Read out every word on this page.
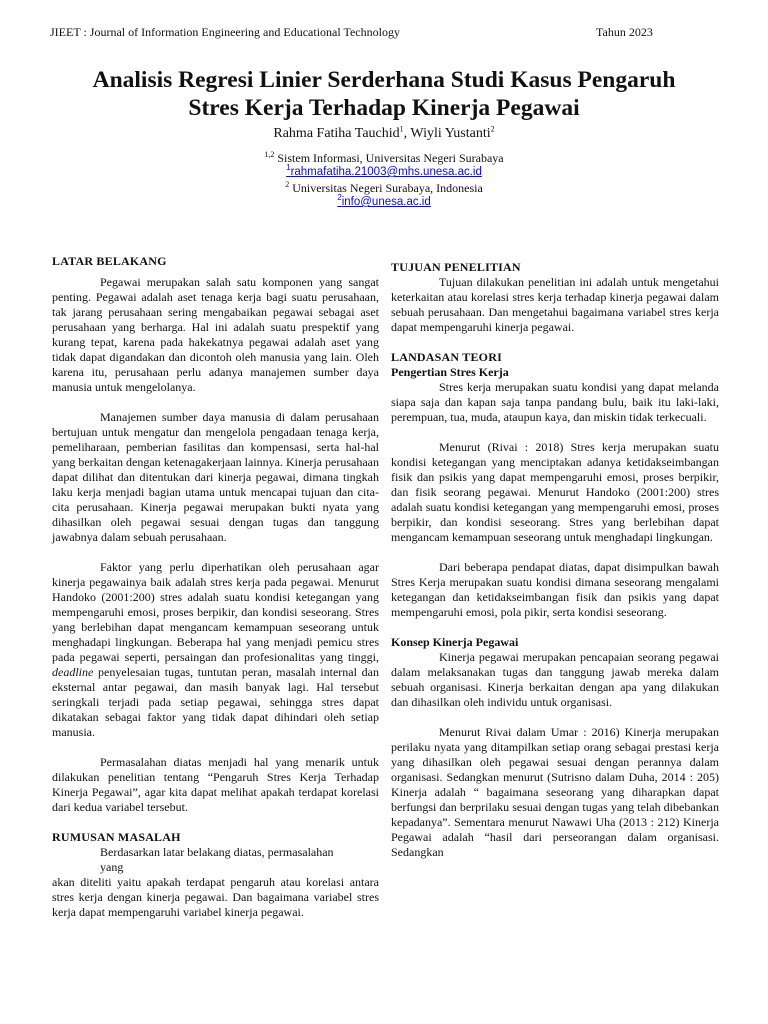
JIEET : Journal of Information Engineering and Educational Technology	Tahun 2023
Analisis Regresi Linier Serderhana Studi Kasus Pengaruh
Stres Kerja Terhadap Kinerja Pegawai
Rahma Fatiha Tauchid$^1$, Wiyli Yustanti$^2$
$^{1,2}$ Sistem Informasi, Universitas Negeri Surabaya
$^1$rahmafatiha.21003@mhs.unesa.ac.id
$^2$ Universitas Negeri Surabaya, Indonesia
$^2$info@unesa.ac.id
LATAR BELAKANG

Pegawai merupakan salah satu komponen yang sangat penting. Pegawai adalah aset tenaga kerja bagi suatu perusahaan, tak jarang perusahaan sering mengabaikan pegawai sebagai aset perusahaan yang berharga. Hal ini adalah suatu prespektif yang kurang tepat, karena pada hakekatnya pegawai adalah aset yang tidak dapat digandakan dan dicontoh oleh manusia yang lain. Oleh karena itu, perusahaan perlu adanya manajemen sumber daya manusia untuk mengelolanya.

Manajemen sumber daya manusia di dalam perusahaan bertujuan untuk mengatur dan mengelola pengadaan tenaga kerja, pemeliharaan, pemberian fasilitas dan kompensasi, serta hal-hal yang berkaitan dengan ketenagakerjaan lainnya. Kinerja perusahaan dapat dilihat dan ditentukan dari kinerja pegawai, dimana tingkah laku kerja menjadi bagian utama untuk mencapai tujuan dan cita-cita perusahaan. Kinerja pegawai merupakan bukti nyata yang dihasilkan oleh pegawai sesuai dengan tugas dan tanggung jawabnya dalam sebuah perusahaan.

Faktor yang perlu diperhatikan oleh perusahaan agar kinerja pegawainya baik adalah stres kerja pada pegawai. Menurut Handoko (2001:200) stres adalah suatu kondisi ketegangan yang mempengaruhi emosi, proses berpikir, dan kondisi seseorang. Stres yang berlebihan dapat mengancam kemampuan seseorang untuk menghadapi lingkungan. Beberapa hal yang menjadi pemicu stres pada pegawai seperti, persaingan dan profesionalitas yang tinggi, deadline penyelesaian tugas, tuntutan peran, masalah internal dan eksternal antar pegawai, dan masih banyak lagi. Hal tersebut seringkali terjadi pada setiap pegawai, sehingga stres dapat dikatakan sebagai faktor yang tidak dapat dihindari oleh setiap manusia.

Permasalahan diatas menjadi hal yang menarik untuk dilakukan penelitian tentang “Pengaruh Stres Kerja Terhadap Kinerja Pegawai”, agar kita dapat melihat apakah terdapat korelasi dari kedua variabel tersebut.

RUMUSAN MASALAH

Berdasarkan latar belakang diatas, permasalahan

yang

akan diteliti yaitu apakah terdapat pengaruh atau korelasi antara stres kerja dengan kinerja pegawai. Dan bagaimana variabel stres kerja dapat mempengaruhi variabel kinerja pegawai.

TUJUAN PENELITIAN

Tujuan dilakukan penelitian ini adalah untuk mengetahui keterkaitan atau korelasi stres kerja terhadap kinerja pegawai dalam sebuah perusahaan. Dan mengetahui bagaimana variabel stres kerja dapat mempengaruhi kinerja pegawai.

LANDASAN TEORI
Pengertian Stres Kerja

Stres kerja merupakan suatu kondisi yang dapat melanda siapa saja dan kapan saja tanpa pandang bulu, baik itu laki-laki, perempuan, tua, muda, ataupun kaya, dan miskin tidak terkecuali.

Menurut (Rivai : 2018) Stres kerja merupakan suatu kondisi ketegangan yang menciptakan adanya ketidakseimbangan fisik dan psikis yang dapat mempengaruhi emosi, proses berpikir, dan fisik seorang pegawai. Menurut Handoko (2001:200) stres adalah suatu kondisi ketegangan yang mempengaruhi emosi, proses berpikir, dan kondisi seseorang. Stres yang berlebihan dapat mengancam kemampuan seseorang untuk menghadapi lingkungan.

Dari beberapa pendapat diatas, dapat disimpulkan bawah Stres Kerja merupakan suatu kondisi dimana seseorang mengalami ketegangan dan ketidakseimbangan fisik dan psikis yang dapat mempengaruhi emosi, pola pikir, serta kondisi seseorang.

Konsep Kinerja Pegawai

Kinerja pegawai merupakan pencapaian seorang pegawai dalam melaksanakan tugas dan tanggung jawab mereka dalam sebuah organisasi. Kinerja berkaitan dengan apa yang dilakukan dan dihasilkan oleh individu untuk organisasi.

Menurut Rivai dalam Umar : 2016) Kinerja merupakan perilaku nyata yang ditampilkan setiap orang sebagai prestasi kerja yang dihasilkan oleh pegawai sesuai dengan perannya dalam organisasi. Sedangkan menurut (Sutrisno dalam Duha, 2014 : 205) Kinerja adalah “ bagaimana seseorang yang diharapkan dapat berfungsi dan berprilaku sesuai dengan tugas yang telah dibebankan kepadanya”. Sementara menurut Nawawi Uha (2013 : 212) Kinerja Pegawai adalah “hasil dari perseorangan dalam organisasi. Sedangkan
